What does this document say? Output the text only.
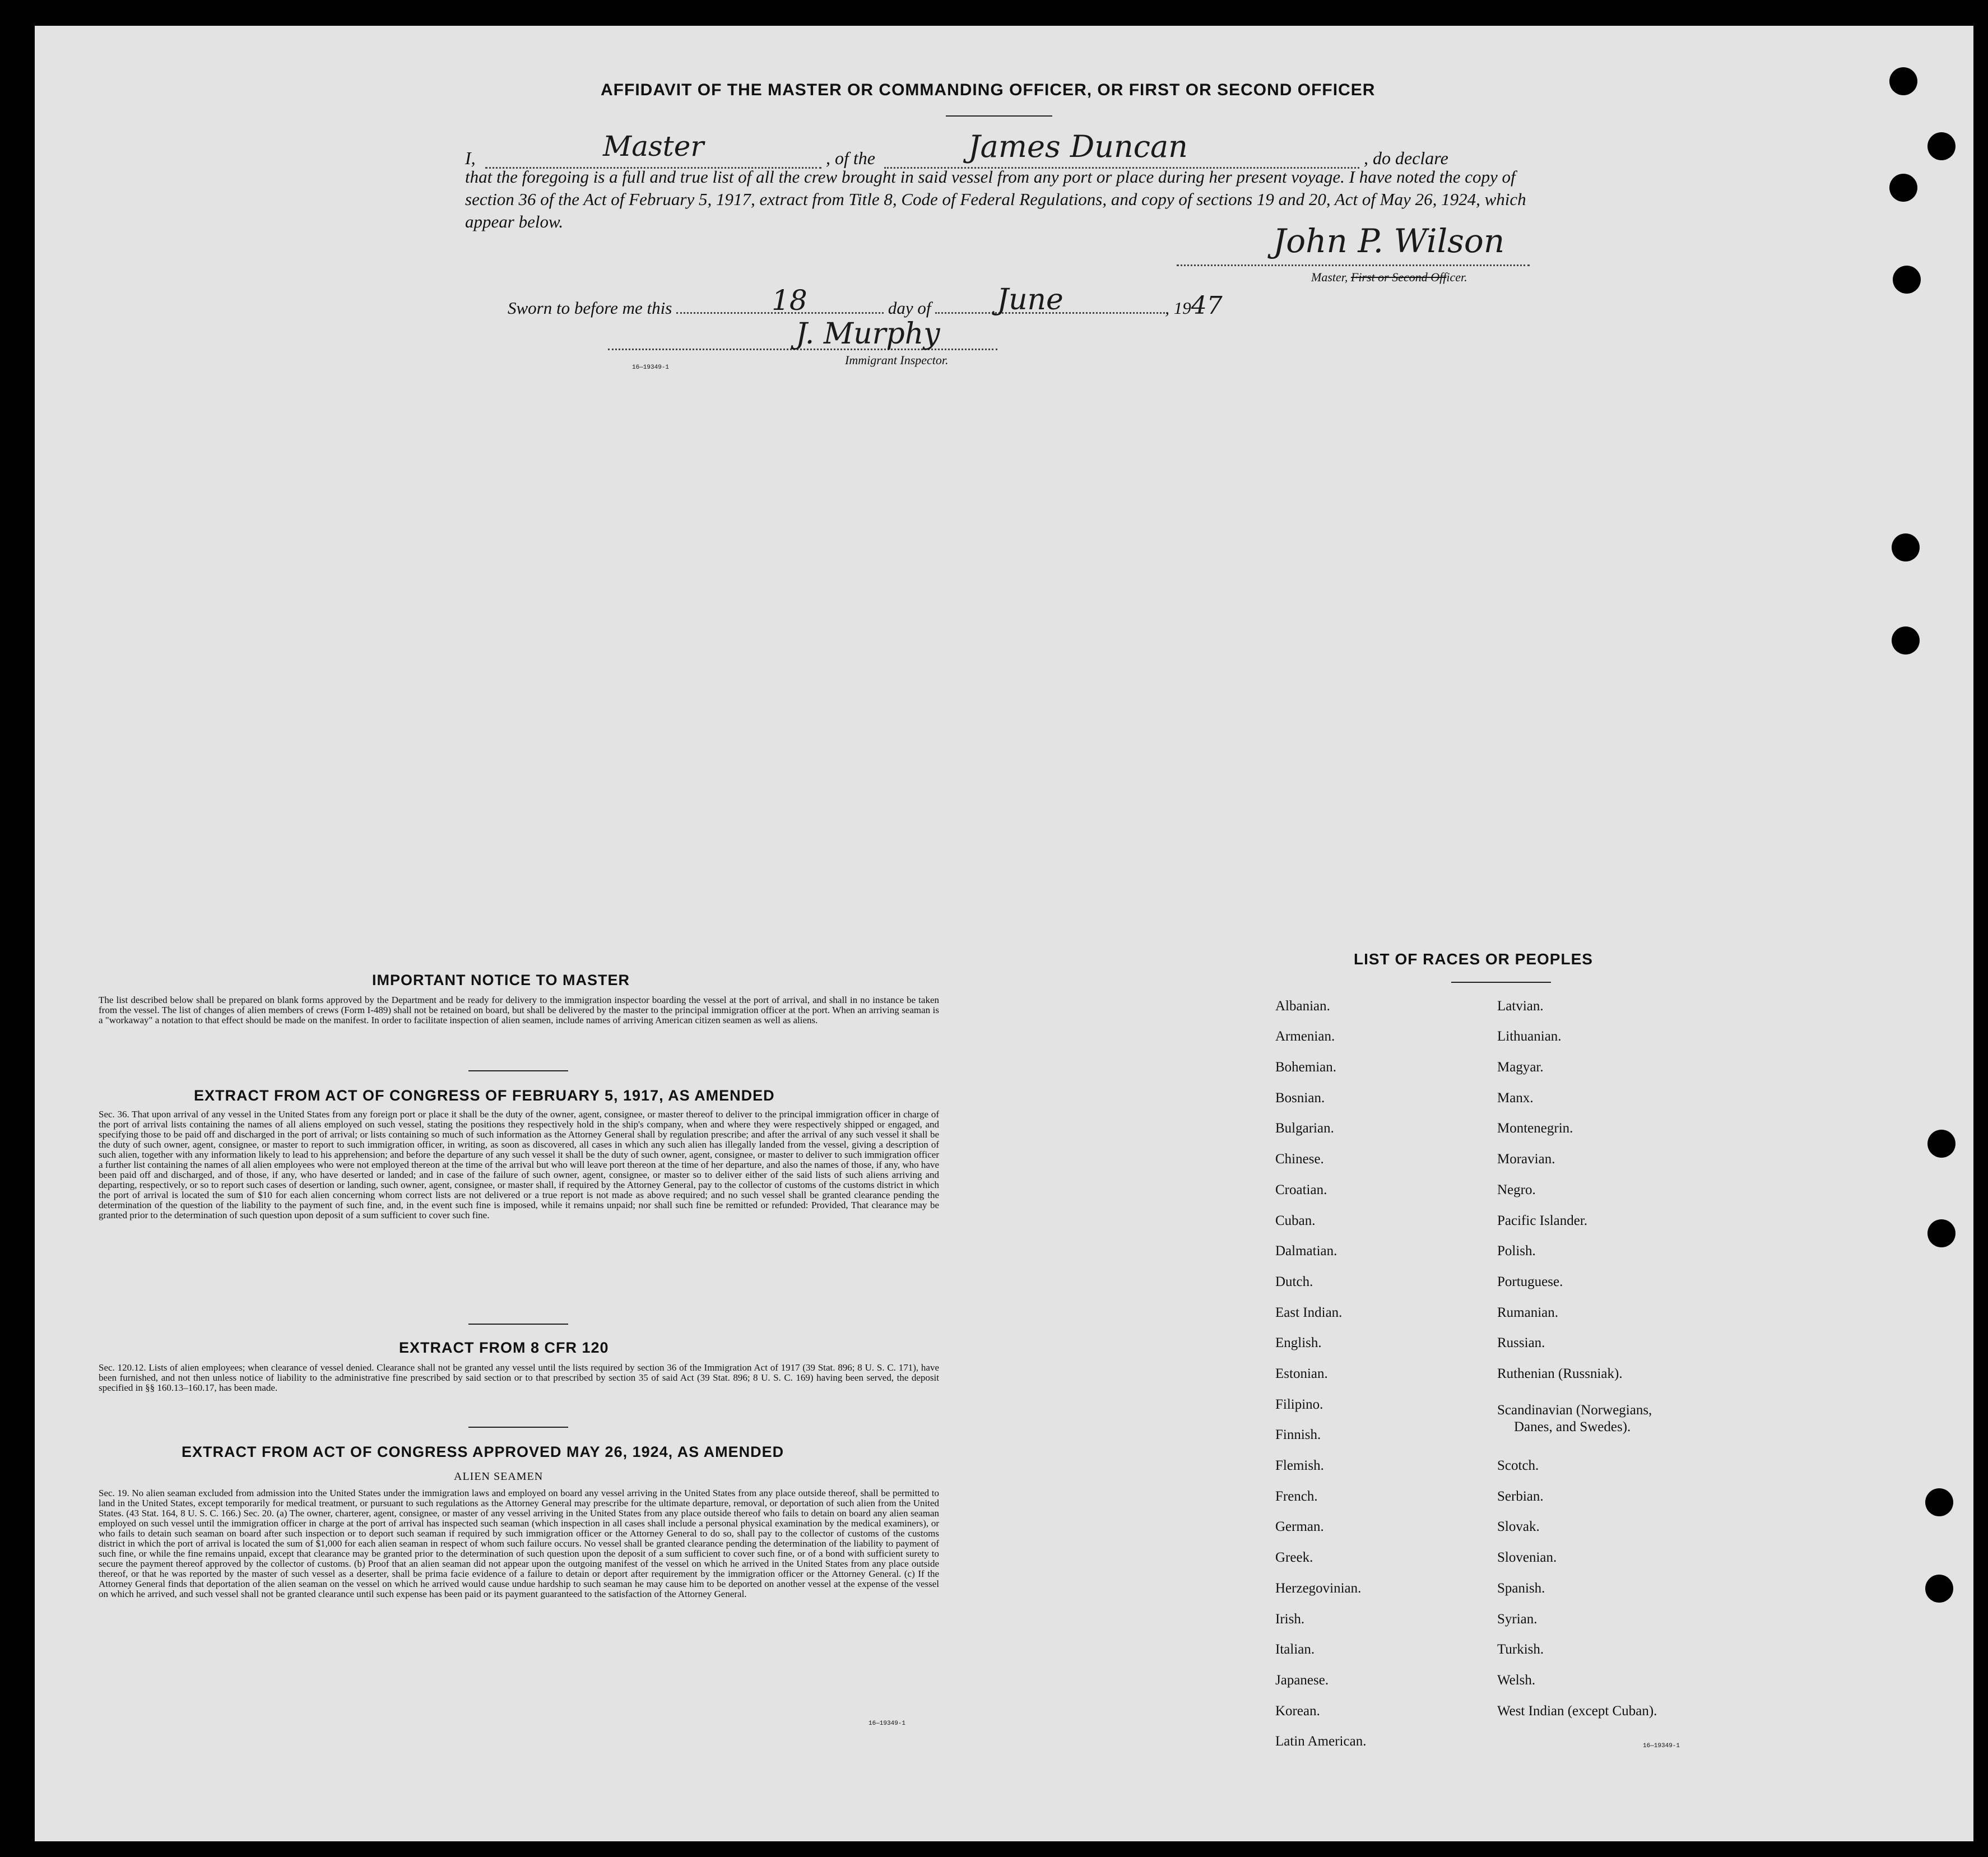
AFFIDAVIT OF THE MASTER OR COMMANDING OFFICER, OR FIRST OR SECOND OFFICER
I,	Master	, of the	James Duncan	, do declare
that the foregoing is a full and true list of all the crew brought in said vessel from any port or place during her present voyage. I have noted the copy of section 36 of the Act of February 5, 1917, extract from Title 8, Code of Federal Regulations, and copy of sections 19 and 20, Act of May 26, 1924, which appear below.
John P. Wilson
Master, First or Second Officer.
Sworn to before me this	18	day of June	, 1947
J. Murphy
Immigrant Inspector.
16—19349-1
IMPORTANT NOTICE TO MASTER
The list described below shall be prepared on blank forms approved by the Department and be ready for delivery to the immigration inspector boarding the vessel at the port of arrival, and shall in no instance be taken from the vessel. The list of changes of alien members of crews (Form I-489) shall not be retained on board, but shall be delivered by the master to the principal immigration officer at the port. When an arriving seaman is a "workaway" a notation to that effect should be made on the manifest. In order to facilitate inspection of alien seamen, include names of arriving American citizen seamen as well as aliens.
EXTRACT FROM ACT OF CONGRESS OF FEBRUARY 5, 1917, AS AMENDED
Sec. 36. That upon arrival of any vessel in the United States from any foreign port or place it shall be the duty of the owner, agent, consignee, or master thereof to deliver to the principal immigration officer in charge of the port of arrival lists containing the names of all aliens employed on such vessel, stating the positions they respectively hold in the ship's company, when and where they were respectively shipped or engaged, and specifying those to be paid off and discharged in the port of arrival; or lists containing so much of such information as the Attorney General shall by regulation prescribe; and after the arrival of any such vessel it shall be the duty of such owner, agent, consignee, or master to report to such immigration officer, in writing, as soon as discovered, all cases in which any such alien has illegally landed from the vessel, giving a description of such alien, together with any information likely to lead to his apprehension; and before the departure of any such vessel it shall be the duty of such owner, agent, consignee, or master to deliver to such immigration officer a further list containing the names of all alien employees who were not employed thereon at the time of the arrival but who will leave port thereon at the time of her departure, and also the names of those, if any, who have been paid off and discharged, and of those, if any, who have deserted or landed; and in case of the failure of such owner, agent, consignee, or master so to deliver either of the said lists of such aliens arriving and departing, respectively, or so to report such cases of desertion or landing, such owner, agent, consignee, or master shall, if required by the Attorney General, pay to the collector of customs of the customs district in which the port of arrival is located the sum of $10 for each alien concerning whom correct lists are not delivered or a true report is not made as above required; and no such vessel shall be granted clearance pending the determination of the question of the liability to the payment of such fine, and, in the event such fine is imposed, while it remains unpaid; nor shall such fine be remitted or refunded: Provided, That clearance may be granted prior to the determination of such question upon deposit of a sum sufficient to cover such fine.
EXTRACT FROM 8 CFR 120
Sec. 120.12. Lists of alien employees; when clearance of vessel denied. Clearance shall not be granted any vessel until the lists required by section 36 of the Immigration Act of 1917 (39 Stat. 896; 8 U. S. C. 171), have been furnished, and not then unless notice of liability to the administrative fine prescribed by said section or to that prescribed by section 35 of said Act (39 Stat. 896; 8 U. S. C. 169) having been served, the deposit specified in §§ 160.13–160.17, has been made.
EXTRACT FROM ACT OF CONGRESS APPROVED MAY 26, 1924, AS AMENDED
ALIEN SEAMEN
Sec. 19. No alien seaman excluded from admission into the United States under the immigration laws and employed on board any vessel arriving in the United States from any place outside thereof, shall be permitted to land in the United States, except temporarily for medical treatment, or pursuant to such regulations as the Attorney General may prescribe for the ultimate departure, removal, or deportation of such alien from the United States. (43 Stat. 164, 8 U. S. C. 166.) Sec. 20. (a) The owner, charterer, agent, consignee, or master of any vessel arriving in the United States from any place outside thereof who fails to detain on board any alien seaman employed on such vessel until the immigration officer in charge at the port of arrival has inspected such seaman (which inspection in all cases shall include a personal physical examination by the medical examiners), or who fails to detain such seaman on board after such inspection or to deport such seaman if required by such immigration officer or the Attorney General to do so, shall pay to the collector of customs of the customs district in which the port of arrival is located the sum of $1,000 for each alien seaman in respect of whom such failure occurs. No vessel shall be granted clearance pending the determination of the liability to payment of such fine, or while the fine remains unpaid, except that clearance may be granted prior to the determination of such question upon the deposit of a sum sufficient to cover such fine, or of a bond with sufficient surety to secure the payment thereof approved by the collector of customs. (b) Proof that an alien seaman did not appear upon the outgoing manifest of the vessel on which he arrived in the United States from any place outside thereof, or that he was reported by the master of such vessel as a deserter, shall be prima facie evidence of a failure to detain or deport after requirement by the immigration officer or the Attorney General. (c) If the Attorney General finds that deportation of the alien seaman on the vessel on which he arrived would cause undue hardship to such seaman he may cause him to be deported on another vessel at the expense of the vessel on which he arrived, and such vessel shall not be granted clearance until such expense has been paid or its payment guaranteed to the satisfaction of the Attorney General.
16—19349-1
LIST OF RACES OR PEOPLES
Albanian.
Armenian.
Bohemian.
Bosnian.
Bulgarian.
Chinese.
Croatian.
Cuban.
Dalmatian.
Dutch.
East Indian.
English.
Estonian.
Filipino.
Finnish.
Flemish.
French.
German.
Greek.
Herzegovinian.
Irish.
Italian.
Japanese.
Korean.
Latin American.
Latvian.
Lithuanian.
Magyar.
Manx.
Montenegrin.
Moravian.
Negro.
Pacific Islander.
Polish.
Portuguese.
Rumanian.
Russian.
Ruthenian (Russniak).
Scandinavian (Norwegians,
Danes, and Swedes).
Scotch.
Serbian.
Slovak.
Slovenian.
Spanish.
Syrian.
Turkish.
Welsh.
West Indian (except Cuban).
16—19349-1
